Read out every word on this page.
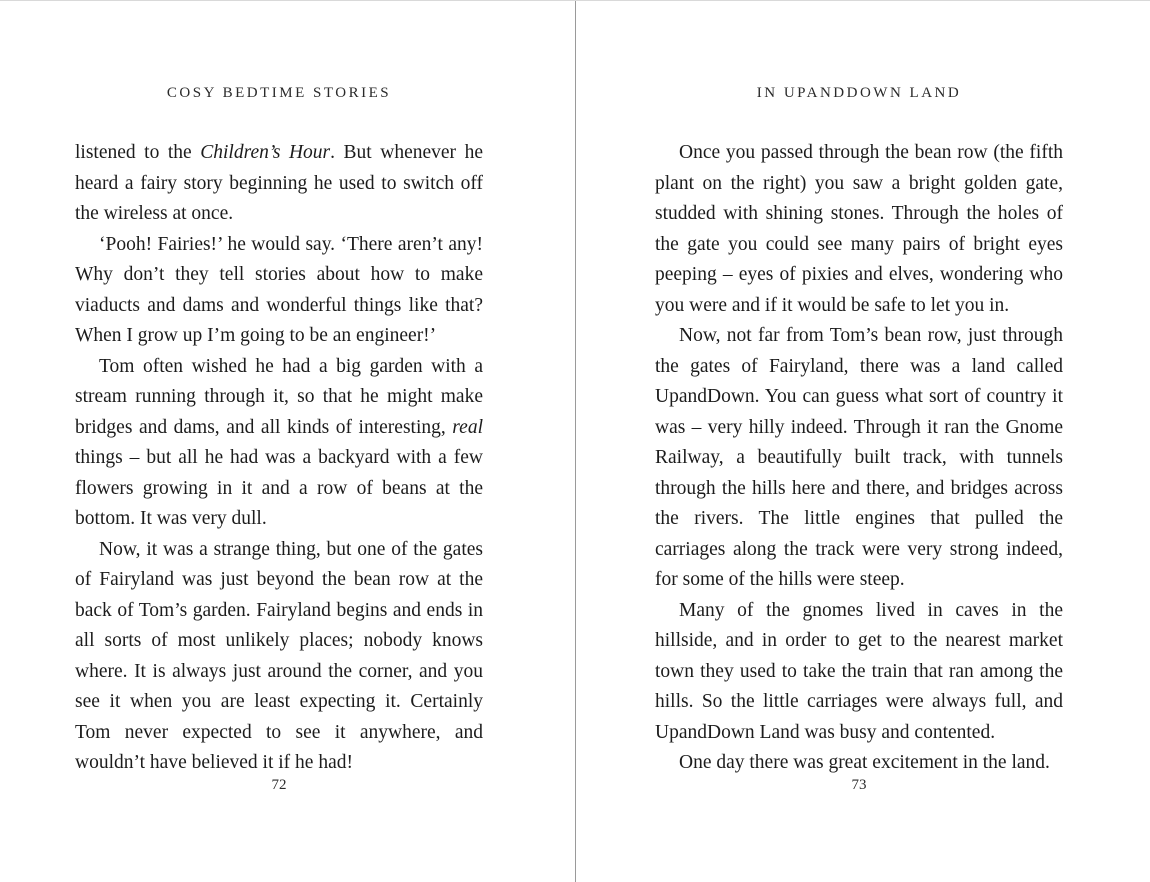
COSY BEDTIME STORIES

listened to the Children’s Hour. But whenever he heard a fairy story beginning he used to switch off the wireless at once.

‘Pooh! Fairies!’ he would say. ‘There aren’t any! Why don’t they tell stories about how to make viaducts and dams and wonderful things like that? When I grow up I’m going to be an engineer!’

Tom often wished he had a big garden with a stream running through it, so that he might make bridges and dams, and all kinds of interesting, real things – but all he had was a backyard with a few flowers growing in it and a row of beans at the bottom. It was very dull.

Now, it was a strange thing, but one of the gates of Fairyland was just beyond the bean row at the back of Tom’s garden. Fairyland begins and ends in all sorts of most unlikely places; nobody knows where. It is always just around the corner, and you see it when you are least expecting it. Certainly Tom never expected to see it anywhere, and wouldn’t have believed it if he had!

72
IN UPANDDOWN LAND

Once you passed through the bean row (the fifth plant on the right) you saw a bright golden gate, studded with shining stones. Through the holes of the gate you could see many pairs of bright eyes peeping – eyes of pixies and elves, wondering who you were and if it would be safe to let you in.

Now, not far from Tom’s bean row, just through the gates of Fairyland, there was a land called UpandDown. You can guess what sort of country it was – very hilly indeed. Through it ran the Gnome Railway, a beautifully built track, with tunnels through the hills here and there, and bridges across the rivers. The little engines that pulled the carriages along the track were very strong indeed, for some of the hills were steep.

Many of the gnomes lived in caves in the hillside, and in order to get to the nearest market town they used to take the train that ran among the hills. So the little carriages were always full, and UpandDown Land was busy and contented.

One day there was great excitement in the land.

73
